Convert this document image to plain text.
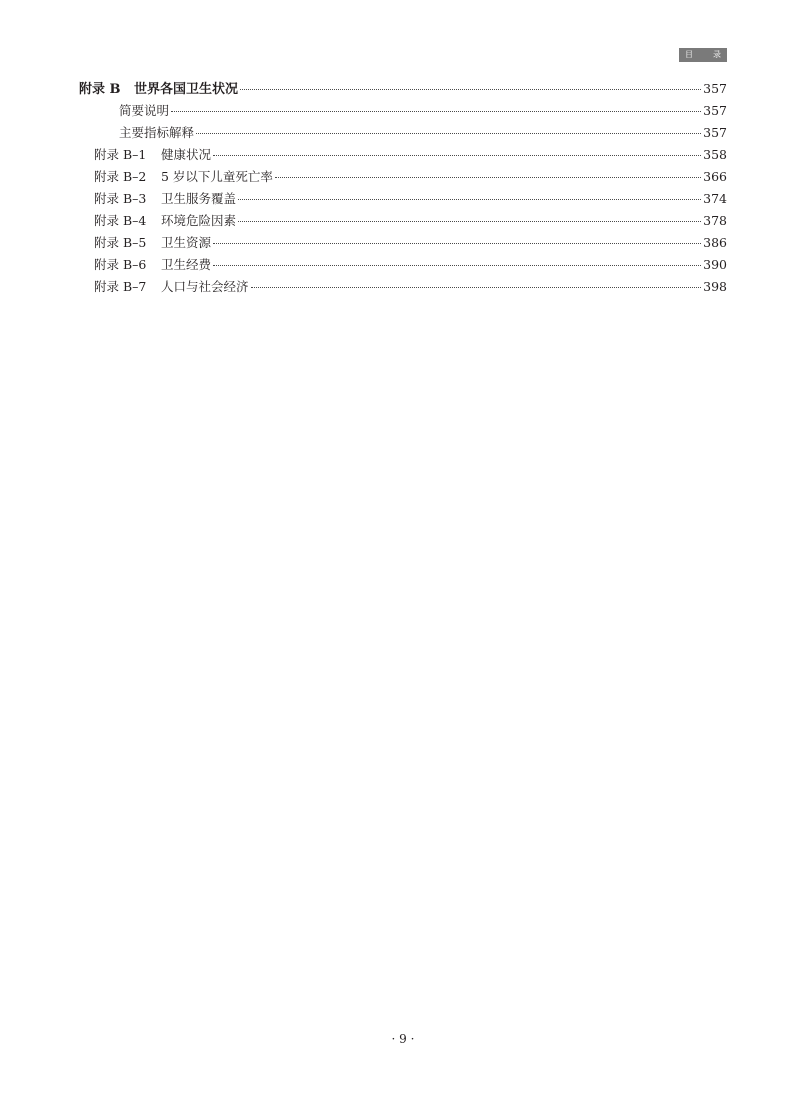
目	录
附录 B	世界各国卫生状况	357
简要说明	357
主要指标解释	357
附录 B–1	健康状况	358
附录 B–2	5 岁以下儿童死亡率	366
附录 B–3	卫生服务覆盖	374
附录 B–4	环境危险因素	378
附录 B–5	卫生资源	386
附录 B–6	卫生经费	390
附录 B–7	人口与社会经济	398
· 9 ·
